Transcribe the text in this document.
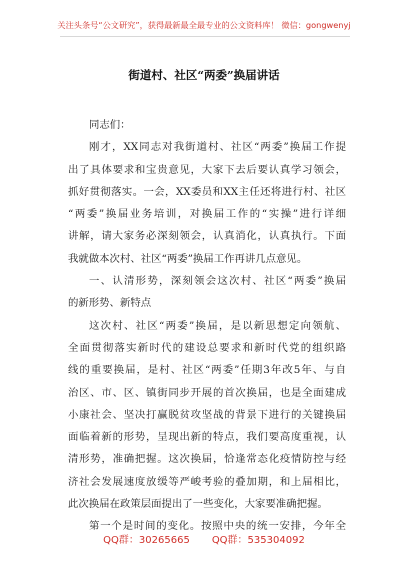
关注头条号“公文研究”，获得最新最全最专业的公文资料库！ 微信：gongwenyj
街道村、社区“两委”换届讲话
同志们：
刚才，XX同志对我街道村、社区“两委”换届工作提
出了具体要求和宝贵意见，大家下去后要认真学习领会，
抓好贯彻落实。一会，XX委员和XX主任还将进行村、社区
“两委”换届业务培训，对换届工作的“实操”进行详细
讲解，请大家务必深刻领会，认真消化，认真执行。下面
我就做本次村、社区“两委”换届工作再讲几点意见。
一、认清形势，深刻领会这次村、社区“两委”换届
的新形势、新特点
这次村、社区“两委”换届，是以新思想定向领航、
全面贯彻落实新时代的建设总要求和新时代党的组织路
线的重要换届，是村、社区“两委”任期3年改5年、与自
治区、市、区、镇街同步开展的首次换届，也是全面建成
小康社会、坚决打赢脱贫攻坚战的背景下进行的关键换届
面临着新的形势，呈现出新的特点，我们要高度重视，认
清形势，准确把握。这次换届，恰逢常态化疫情防控与经
济社会发展速度放缓等严峻考验的叠加期，和上届相比，
此次换届在政策层面提出了一些变化，大家要准确把握。
第一个是时间的变化。按照中央的统一安排，今年全
QQ群：30265665 QQ群：535304092
